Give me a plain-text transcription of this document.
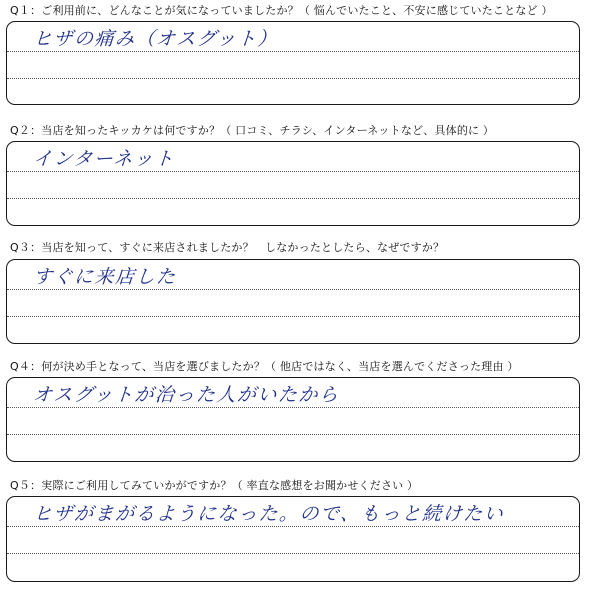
Q１：ご利用前に、どんなことが気になっていましたか？（ 悩んでいたこと、不安に感じていたことなど ）
ヒザの痛み（オスグット）
Q２：当店を知ったキッカケは何ですか？（ 口コミ、チラシ、インターネットなど、具体的に ）
インターネット
Q３：当店を知って、すぐに来店されましたか？　しなかったとしたら、なぜですか？
すぐに来店した
Q４：何が決め手となって、当店を選びましたか？（ 他店ではなく、当店を選んでくださった理由 ）
オスグットが治った人がいたから
Q５：実際にご利用してみていかがですか？（ 率直な感想をお聞かせください ）
ヒザがまがるようになった。ので、もっと続けたい
